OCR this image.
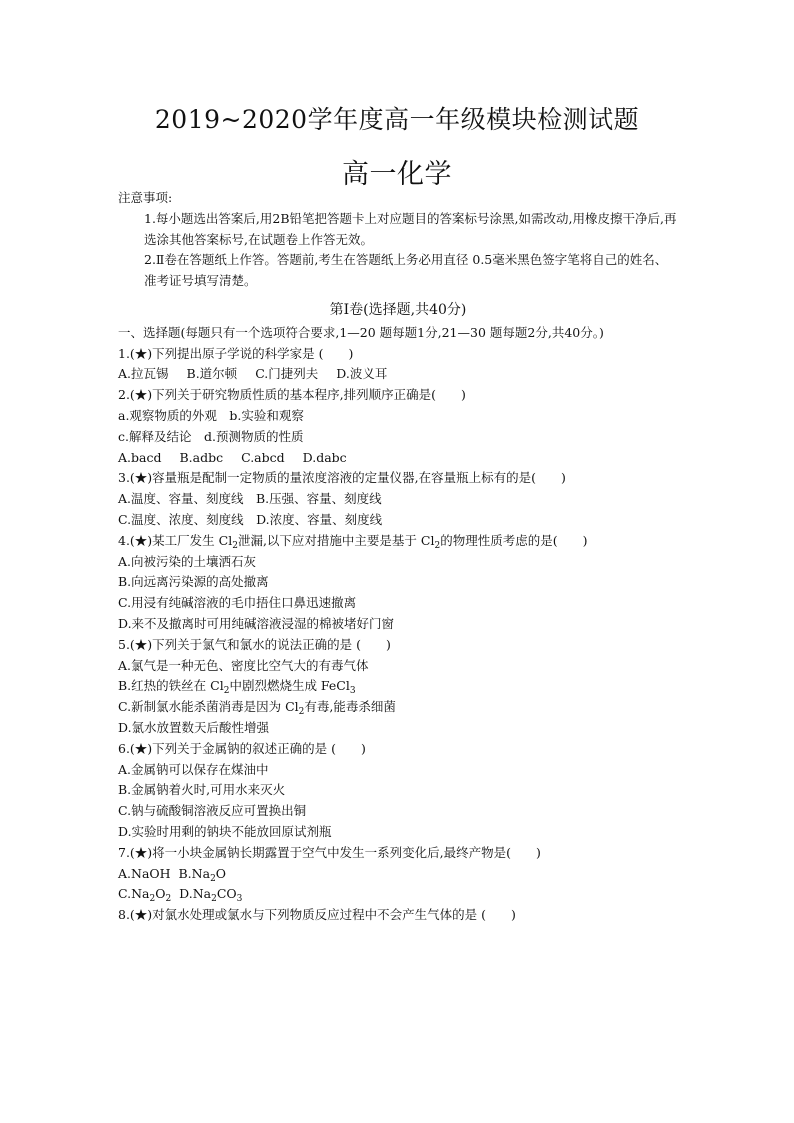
2019~2020学年度高一年级模块检测试题
高一化学
注意事项:
1.每小题选出答案后,用2B铅笔把答题卡上对应题目的答案标号涂黑,如需改动,用橡皮擦干净后,再选涂其他答案标号,在试题卷上作答无效。
2.Ⅱ卷在答题纸上作答。答题前,考生在答题纸上务必用直径 0.5毫米黑色签字笔将自己的姓名、准考证号填写清楚。
第Ⅰ卷(选择题,共40分)
一、选择题(每题只有一个选项符合要求,1—20 题每题1分,21—30 题每题2分,共40分。)
1.(★)下列提出原子学说的科学家是 (　　)
A.拉瓦锡 B.道尔顿 C.门捷列夫 D.波义耳
2.(★)下列关于研究物质性质的基本程序,排列顺序正确是(　　)
a.观察物质的外观　b.实验和观察
c.解释及结论　d.预测物质的性质
A.bacd B.adbc C.abcd D.dabc
3.(★)容量瓶是配制一定物质的量浓度溶液的定量仪器,在容量瓶上标有的是(　　)
A.温度、容量、刻度线　B.压强、容量、刻度线
C.温度、浓度、刻度线　D.浓度、容量、刻度线
4.(★)某工厂发生 $Cl_2$泄漏,以下应对措施中主要是基于 $Cl_2$的物理性质考虑的是(　　)
A.向被污染的土壤洒石灰
B.向远离污染源的高处撤离
C.用浸有纯碱溶液的毛巾捂住口鼻迅速撤离
D.来不及撤离时可用纯碱溶液浸湿的棉被堵好门窗
5.(★)下列关于氯气和氯水的说法正确的是 (　　)
A.氯气是一种无色、密度比空气大的有毒气体
B.红热的铁丝在 $Cl_2$中剧烈燃烧生成 FeCl$_3$
C.新制氯水能杀菌消毒是因为 $Cl_2$有毒,能毒杀细菌
D.氯水放置数天后酸性增强
6.(★)下列关于金属钠的叙述正确的是 (　　)
A.金属钠可以保存在煤油中
B.金属钠着火时,可用水来灭火
C.钠与硫酸铜溶液反应可置换出铜
D.实验时用剩的钠块不能放回原试剂瓶
7.(★)将一小块金属钠长期露置于空气中发生一系列变化后,最终产物是(　　)
A.NaOH $B.Na_2O$
$C.Na_2O_2$ $D.Na_2CO_3$
8.(★)对氯水处理或氯水与下列物质反应过程中不会产生气体的是 (　　)
